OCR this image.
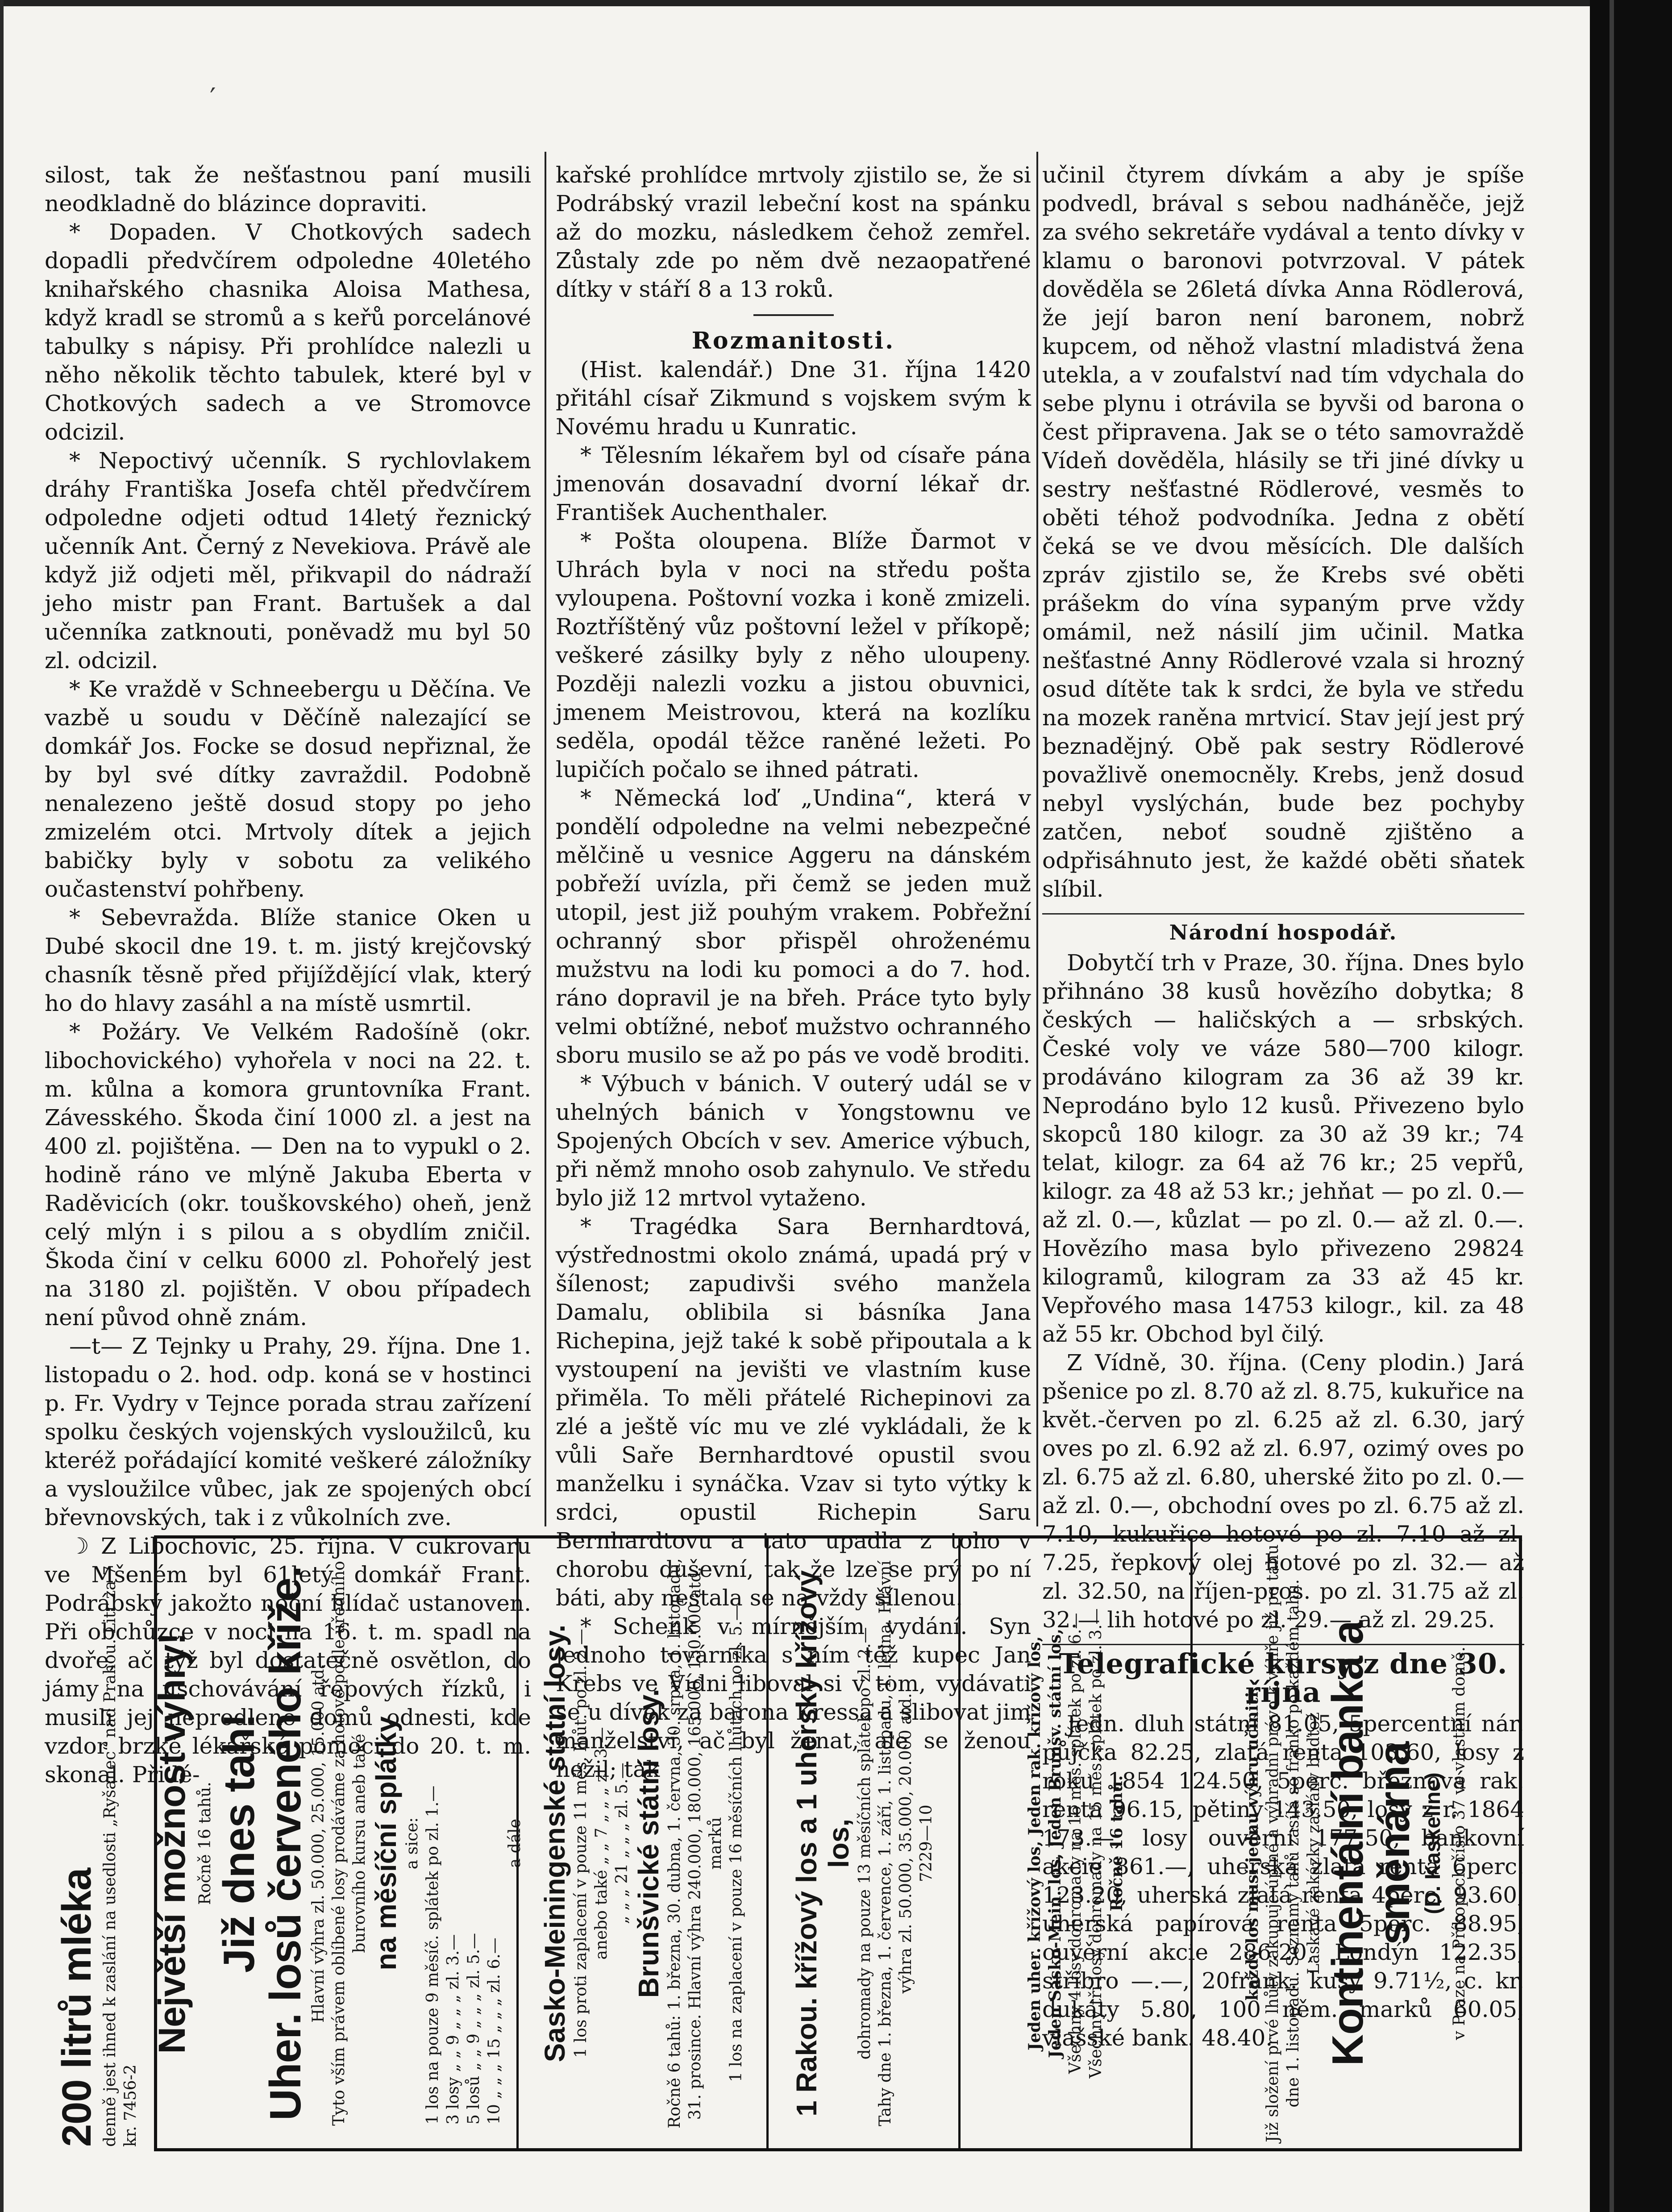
′

silost, tak že nešťastnou paní musili neodkladně do blázince dopraviti.

* Dopaden. V Chotkových sadech dopadli předvčírem odpoledne 40letého knihařského chasnika Aloisa Mathesa, když kradl se stromů a s keřů porcelánové tabulky s nápisy. Při prohlídce nalezli u něho několik těchto tabulek, které byl v Chotkových sadech a ve Stromovce odcizil.

* Nepoctivý učenník. S rychlovlakem dráhy Františka Josefa chtěl předvčírem odpoledne odjeti odtud 14letý řeznický učenník Ant. Černý z Nevekiova. Právě ale když již odjeti měl, přikvapil do nádraží jeho mistr pan Frant. Bartušek a dal učenníka zatknouti, poněvadž mu byl 50 zl. odcizil.

* Ke vraždě v Schneebergu u Děčína. Ve vazbě u soudu v Děčíně nalezající se domkář Jos. Focke se dosud nepřiznal, že by byl své dítky zavraždil. Podobně nenalezeno ještě dosud stopy po jeho zmizelém otci. Mrtvoly dítek a jejich babičky byly v sobotu za velikého oučastenství pohřbeny.

* Sebevražda. Blíže stanice Oken u Dubé skocil dne 19. t. m. jistý krejčovský chasník těsně před přijíždějící vlak, který ho do hlavy zasáhl a na místě usmrtil.

* Požáry. Ve Velkém Radošíně (okr. libochovického) vyhořela v noci na 22. t. m. kůlna a komora gruntovníka Frant. Závesského. Škoda činí 1000 zl. a jest na 400 zl. pojištěna. — Den na to vypukl o 2. hodině ráno ve mlýně Jakuba Eberta v Raděvicích (okr. touškovského) oheň, jenž celý mlýn i s pilou a s obydlím zničil. Škoda činí v celku 6000 zl. Pohořelý jest na 3180 zl. pojištěn. V obou případech není původ ohně znám.

—t— Z Tejnky u Prahy, 29. října. Dne 1. listopadu o 2. hod. odp. koná se v hostinci p. Fr. Vydry v Tejnce porada strau zařízení spolku českých vojenských vysloužilců, ku kteréž pořádající komité veškeré záložníky a vysloužilce vůbec, jak ze spojených obcí břevnovských, tak i z vůkolních zve.

☽ Z Libochovic, 25. října. V cukrovaru ve Mšeném byl 61letý domkář Frant. Podrábský jakožto noční hlídač ustanoven. Při obchůzce v noci na 16. t. m. spadl na dvoře, ač týž byl dostatečně osvětlon, do jámy na uschovávání řepových řízků, i musili jej neprodleně domů odnesti, kde vzdor brzké lékařské pomoci do 20. t. m. skonal. Při lé-

kařské prohlídce mrtvoly zjistilo se, že si Podrábský vrazil lebeční kost na spánku až do mozku, následkem čehož zemřel. Zůstaly zde po něm dvě nezaopatřené dítky v stáří 8 a 13 roků.

Rozmanitosti.

(Hist. kalendář.) Dne 31. října 1420 přitáhl císař Zikmund s vojskem svým k Novému hradu u Kunratic.

* Tělesním lékařem byl od císaře pána jmenován dosavadní dvorní lékař dr. František Auchenthaler.

* Pošta oloupena. Blíže Ďarmot v Uhrách byla v noci na středu pošta vyloupena. Poštovní vozka i koně zmizeli. Roztříštěný vůz poštovní ležel v příkopě; veškeré zásilky byly z něho uloupeny. Později nalezli vozku a jistou obuvnici, jmenem Meistrovou, která na kozlíku seděla, opodál těžce raněné ležeti. Po lupičích počalo se ihned pátrati.

* Německá loď „Undina“, která v pondělí odpoledne na velmi nebezpečné mělčině u vesnice Aggeru na dánském pobřeží uvízla, při čemž se jeden muž utopil, jest již pouhým vrakem. Pobřežní ochranný sbor přispěl ohroženému mužstvu na lodi ku pomoci a do 7. hod. ráno dopravil je na břeh. Práce tyto byly velmi obtížné, neboť mužstvo ochranného sboru musilo se až po pás ve vodě broditi.

* Výbuch v bánich. V outerý udál se v uhelných bánich v Yongstownu ve Spojených Obcích v sev. Americe výbuch, při němž mnoho osob zahynulo. Ve středu bylo již 12 mrtvol vytaženo.

* Tragédka Sara Bernhardtová, výstřednostmi okolo známá, upadá prý v šílenost; zapudivši svého manžela Damalu, oblibila si básníka Jana Richepina, jejž také k sobě připoutala a k vystoupení na jevišti ve vlastním kuse přiměla. To měli přátelé Richepinovi za zlé a ještě víc mu ve zlé vykládali, že k vůli Saře Bernhardtové opustil svou manželku i synáčka. Vzav si tyto výtky k srdci, opustil Richepin Saru Bernhardtovu a tato upadla z toho v chorobu duševní, tak že lze se prý po ní báti, aby nestala se na vždy šílenou.

* Schenk v mírnějším vydání. Syn jednoho továrníka s ním též kupec Jan Krebs ve Vídni liboval si v tom, vydávati se u dívek za barona Kressa a slibovat jim manželství, ač byl ženat, ale se ženou nežil; tak

učinil čtyrem dívkám a aby je spíše podvedl, brával s sebou nadháněče, jejž za svého sekretáře vydával a tento dívky v klamu o baronovi potvrzoval. V pátek dověděla se 26letá dívka Anna Rödlerová, že její baron není baronem, nobrž kupcem, od něhož vlastní mladistvá žena utekla, a v zoufalství nad tím vdychala do sebe plynu i otrávila se byvši od barona o čest připravena. Jak se o této samovraždě Vídeň dověděla, hlásily se tři jiné dívky u sestry nešťastné Rödlerové, vesměs to oběti téhož podvodníka. Jedna z obětí čeká se ve dvou měsících. Dle dalších zpráv zjistilo se, že Krebs své oběti prášekm do vína sypaným prve vždy omámil, než násilí jim učinil. Matka nešťastné Anny Rödlerové vzala si hrozný osud dítěte tak k srdci, že byla ve středu na mozek raněna mrtvicí. Stav její jest prý beznadějný. Obě pak sestry Rödlerové považlivě onemocněly. Krebs, jenž dosud nebyl vyslýchán, bude bez pochyby zatčen, neboť soudně zjištěno a odpřisáhnuto jest, že každé oběti sňatek slíbil.

Národní hospodář.

Dobytčí trh v Praze, 30. října. Dnes bylo přihnáno 38 kusů hovězího dobytka; 8 českých — haličských a — srbských. České voly ve váze 580—700 kilogr. prodáváno kilogram za 36 až 39 kr. Neprodáno bylo 12 kusů. Přivezeno bylo skopců 180 kilogr. za 30 až 39 kr.; 74 telat, kilogr. za 64 až 76 kr.; 25 vepřů, kilogr. za 48 až 53 kr.; jehňat — po zl. 0.— až zl. 0.—, kůzlat — po zl. 0.— až zl. 0.—. Hovězího masa bylo přivezeno 29824 kilogramů, kilogram za 33 až 45 kr. Vepřového masa 14753 kilogr., kil. za 48 až 55 kr. Obchod byl čilý.

Z Vídně, 30. října. (Ceny plodin.) Jará pšenice po zl. 8.70 až zl. 8.75, kukuřice na květ.-červen po zl. 6.25 až zl. 6.30, jarý oves po zl. 6.92 až zl. 6.97, ozimý oves po zl. 6.75 až zl. 6.80, uherské žito po zl. 0.— až zl. 0.—, obchodní oves po zl. 6.75 až zl. 7.10, kukuřice hotové po zl. 7.10 až zl. 7.25, řepkový olej hotové po zl. 32.— až zl. 32.50, na říjen-pros. po zl. 31.75 až zl. 32.— lih hotové po zl. 29.— až zl. 29.25.

Telegrafické kursy z dne 30. října

Jedn. dluh státní 81.05, 5percentní nár. půjčka 82.25, zlatá renta 103.60, losy z roku 1854 124.50, 5perc. březnová rak. renta 96.15, pětiny 143.50, losy z r. 1864 173.—, losy ouvěrní 177.50, bankovní akcie 861.—, uherská zlatá renta 6perc. 123.20, uherská zlatá renta 4perc. 93.60, uherská papírová renta 5perc. 88.95, ouvěrní akcie 286.20, Londýn 122.35, stříbro —.—, 20frank. kusy 9.71½, c. kr. dukáty 5.80, 100 něm. marků 60.05, vlašské bank. 48.40.

200 litrů mléka denně jest ihned k zaslání na usedlosti „Ryšanec“ nad Prahou. Litr za 7 kr. 7456-2
Největší možnost výhry! Ročně 16 tahů. Již dnes tah!
Uher. losů červeného kříže. Hlavní výhra zl. 50.000, 25.000, 15.000 atd. Tyto vším právem oblíbené losy prodáváme za hotové podle úředního burovního kursu aneb také na měsíční splátky a sice: 1 los na pouze 9 měsíč. splátek po zl. 1.— 3 losy „ „ 9 „ „ „ zl. 3.— 5 losů „ „ 9 „ „ „ zl. 5.— 10 „ „ „ 15 „ „ „ zl. 6.—
a dále Sasko-Meiningenské státní losy. 1 los proti zaplacení v pouze 11 měs. lhůt. po zl. 2.— anebo také „ „ 7 „ „ „ zl. 3.— „ „ „ 21 „ „ „ zl. 5.— Brunšvické státní losy. Ročně 6 tahů: 1. března, 30. dubna, 1. června, 30. srpna, 1. listopadu, 31. prosince. Hlavní výhra 240.000, 180.000, 165.000, 150.000 atd. marků 1 los na zaplacení v pouze 16 měsíčních lhůtách po zl. 5.— 1 Rakou. křížový los a 1 uherský křížový los, dohromady na pouze 13 měsíčních splátek po zl. 2.— Tahy dne 1. března, 1. července, 1. září, 1. listopadu, 1. ledna. Hlavní výhra zl. 50.000, 35.000, 20.000 atd. 7229—10	Jeden uher. křížový los, Jeden rak. křížový los, Jeden Sasko-Mein. los, Jeden Brunšv. státní los, Všechny 4 losy dohromady na 16 měs. splátek po zl. 6.— Všechny tři losy dohromady na 15 měs. splátek po zl. 3.— Ročně 16 tahů.	každý los musí jednu výhru učiniti. Již složení prvé lhůty zakupuje úplné a výhradní právo k výhře již po tahu dne 1. listopadu. Seznamy tahů zasílá se franko po každém tahu. Laskavé zakázky zašlány buďtež Kontinentální banka a směnárna (D. Kaskeline) v Praze na Příkopech číslo 37 ve vlastním domě.
